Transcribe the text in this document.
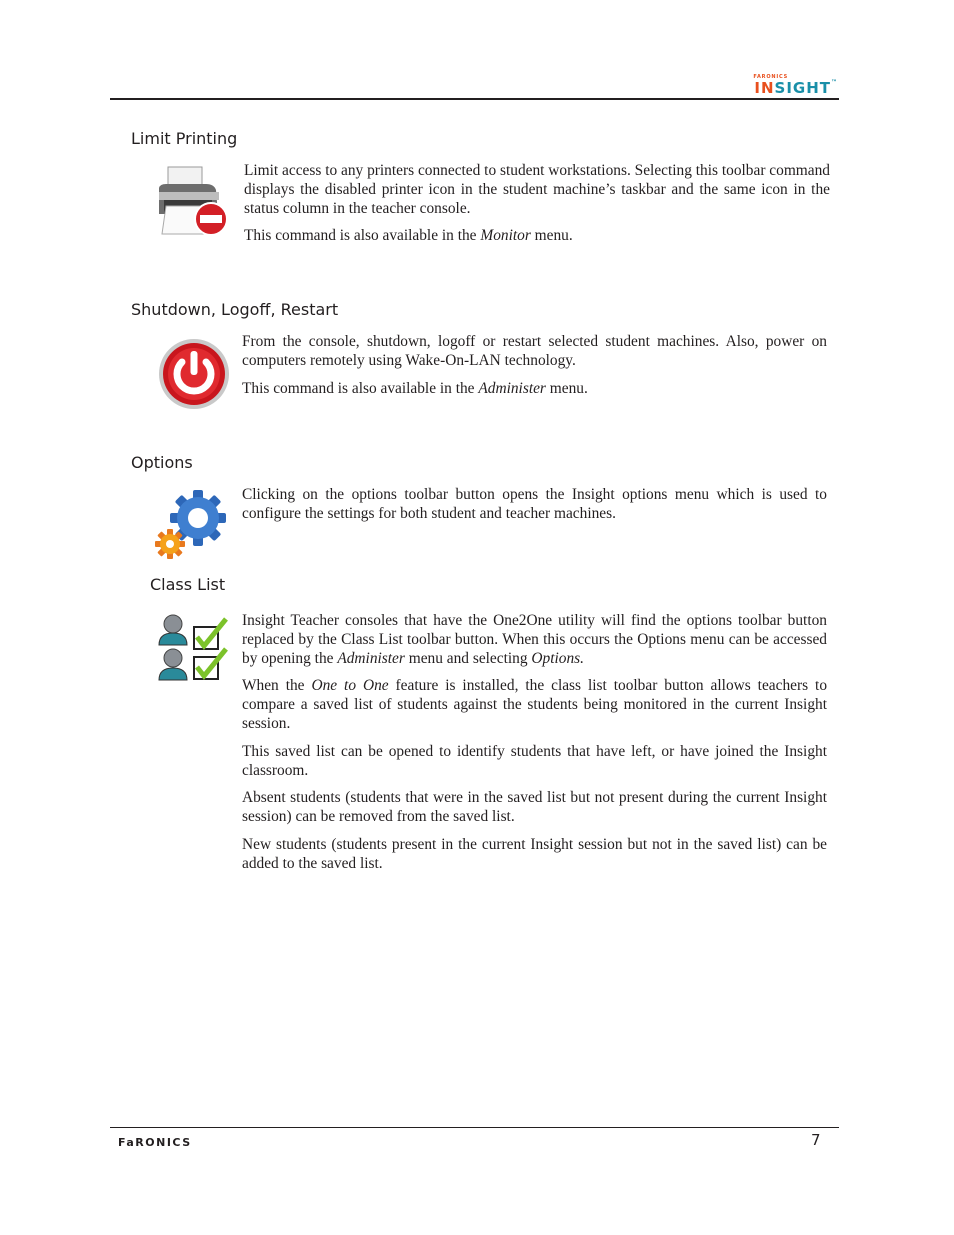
FARONICS
INSIGHT™
Limit Printing

Limit access to any printers connected to student workstations. Selecting this toolbar command displays the disabled printer icon in the student machine’s taskbar and the same icon in the status column in the teacher console.

This command is also available in the Monitor menu.

Shutdown, Logoff, Restart

From the console, shutdown, logoff or restart selected student machines. Also, power on computers remotely using Wake-On-LAN technology.

This command is also available in the Administer menu.

Options

Clicking on the options toolbar button opens the Insight options menu which is used to configure the settings for both student and teacher machines.

Class List

Insight Teacher consoles that have the One2One utility will find the options toolbar button replaced by the Class List toolbar button. When this occurs the Options menu can be accessed by opening the Administer menu and selecting Options.

When the One to One feature is installed, the class list toolbar button allows teachers to compare a saved list of students against the students being monitored in the current Insight session.

This saved list can be opened to identify students that have left, or have joined the Insight classroom.

Absent students (students that were in the saved list but not present during the current Insight session) can be removed from the saved list.

New students (students present in the current Insight session but not in the saved list) can be added to the saved list.

FaRONICS	7
